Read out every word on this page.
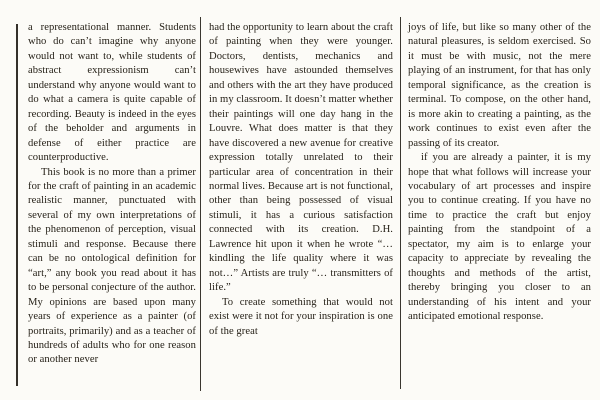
a representational manner. Students who do can’t imagine why anyone would not want to, while students of abstract expressionism can’t understand why anyone would want to do what a camera is quite capable of recording. Beauty is indeed in the eyes of the beholder and arguments in defense of either practice are counterproductive.

This book is no more than a primer for the craft of painting in an academic realistic manner, punctuated with several of my own interpretations of the phenomenon of perception, visual stimuli and response. Because there can be no ontological definition for “art,” any book you read about it has to be personal conjecture of the author. My opinions are based upon many years of experience as a painter (of portraits, primarily) and as a teacher of hundreds of adults who for one reason or another never

had the opportunity to learn about the craft of painting when they were younger. Doctors, dentists, mechanics and housewives have astounded themselves and others with the art they have produced in my classroom. It doesn’t matter whether their paintings will one day hang in the Louvre. What does matter is that they have discovered a new avenue for creative expression totally unrelated to their particular area of concentration in their normal lives. Because art is not functional, other than being possessed of visual stimuli, it has a curious satisfaction connected with its creation. D.H. Lawrence hit upon it when he wrote “… kindling the life quality where it was not…” Artists are truly “… transmitters of life.”

To create something that would not exist were it not for your inspiration is one of the great

joys of life, but like so many other of the natural pleasures, is seldom exercised. So it must be with music, not the mere playing of an instrument, for that has only temporal significance, as the creation is terminal. To compose, on the other hand, is more akin to creating a painting, as the work continues to exist even after the passing of its creator.

if you are already a painter, it is my hope that what follows will increase your vocabulary of art processes and inspire you to continue creating. If you have no time to practice the craft but enjoy painting from the standpoint of a spectator, my aim is to enlarge your capacity to appreciate by revealing the thoughts and methods of the artist, thereby bringing you closer to an understanding of his intent and your anticipated emotional response.
